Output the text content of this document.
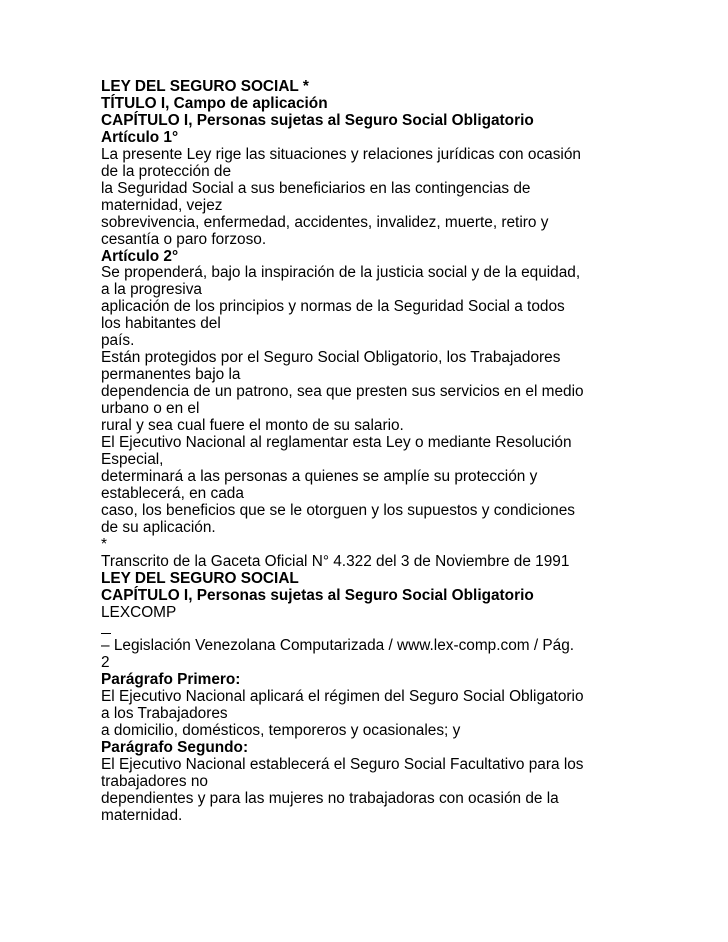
LEY DEL SEGURO SOCIAL *
TÍTULO I, Campo de aplicación
CAPÍTULO I, Personas sujetas al Seguro Social Obligatorio
Artículo 1°
La presente Ley rige las situaciones y relaciones jurídicas con ocasión
de la protección de
la Seguridad Social a sus beneficiarios en las contingencias de
maternidad, vejez
sobrevivencia, enfermedad, accidentes, invalidez, muerte, retiro y
cesantía o paro forzoso.
Artículo 2°
Se propenderá, bajo la inspiración de la justicia social y de la equidad,
a la progresiva
aplicación de los principios y normas de la Seguridad Social a todos
los habitantes del
país.
Están protegidos por el Seguro Social Obligatorio, los Trabajadores
permanentes bajo la
dependencia de un patrono, sea que presten sus servicios en el medio
urbano o en el
rural y sea cual fuere el monto de su salario.
El Ejecutivo Nacional al reglamentar esta Ley o mediante Resolución
Especial,
determinará a las personas a quienes se amplíe su protección y
establecerá, en cada
caso, los beneficios que se le otorguen y los supuestos y condiciones
de su aplicación.
*
Transcrito de la Gaceta Oficial N° 4.322 del 3 de Noviembre de 1991
LEY DEL SEGURO SOCIAL
CAPÍTULO I, Personas sujetas al Seguro Social Obligatorio
LEXCOMP
– Legislación Venezolana Computarizada / www.lex-comp.com / Pág.
2
Parágrafo Primero:
El Ejecutivo Nacional aplicará el régimen del Seguro Social Obligatorio
a los Trabajadores
a domicilio, domésticos, temporeros y ocasionales; y
Parágrafo Segundo:
El Ejecutivo Nacional establecerá el Seguro Social Facultativo para los
trabajadores no
dependientes y para las mujeres no trabajadoras con ocasión de la
maternidad.
